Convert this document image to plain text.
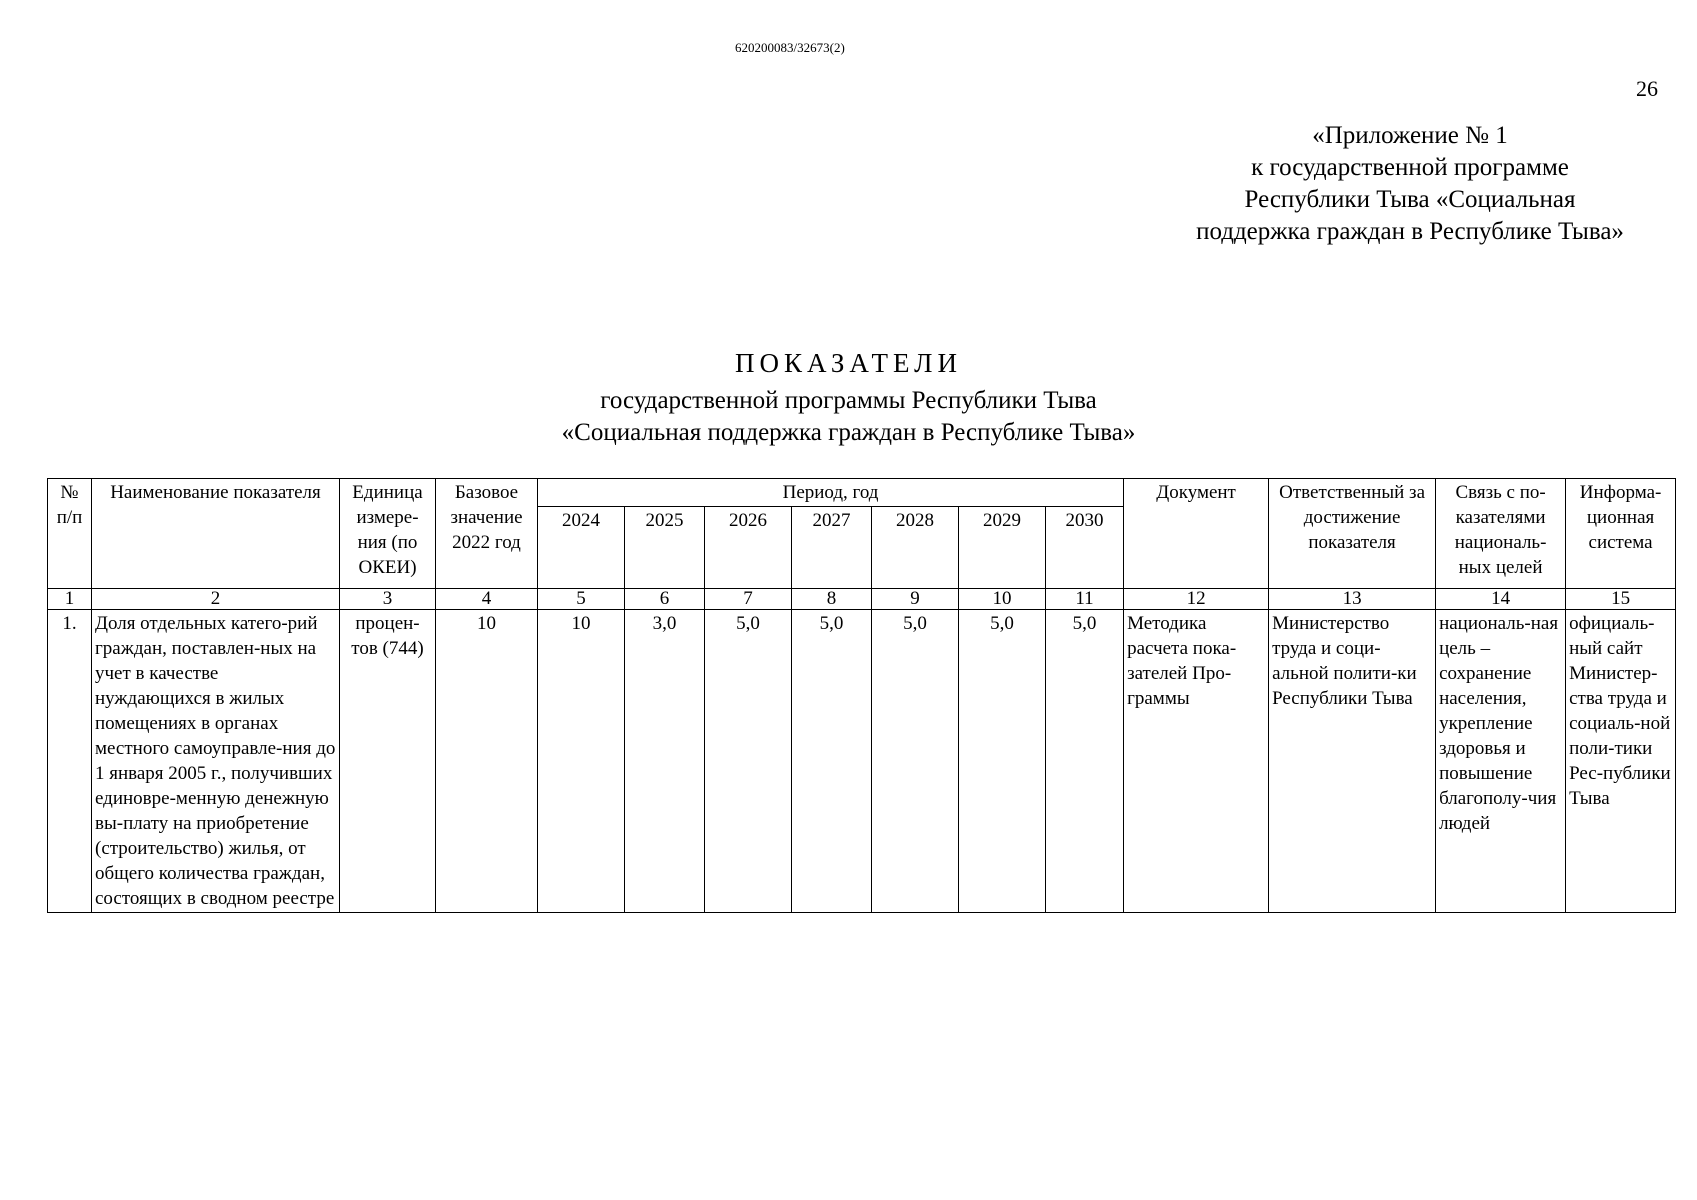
620200083/32673(2)
26
«Приложение № 1
к государственной программе
Республики Тыва «Социальная
поддержка граждан в Республике Тыва»
ПОКАЗАТЕЛИ
государственной программы Республики Тыва
«Социальная поддержка граждан в Республике Тыва»
№ п/п	Наименование показателя	Единица измере-ния (по ОКЕИ)	Базовое значение 2022 год	Период, год							Документ	Ответственный за достижение показателя	Связь с по-казателями националь-ных целей	Информа-ционная система
				2024	2025	2026	2027	2028	2029	2030				
1	2	3	4	5	6	7	8	9	10	11	12	13	14	15
1.	Доля отдельных катего-рий граждан, поставлен-ных на учет в качестве нуждающихся в жилых помещениях в органах местного самоуправле-ния до 1 января 2005 г., получивших единовре-менную денежную вы-плату на приобретение (строительство) жилья, от общего количества граждан, состоящих в сводном реестре	процен-тов (744)	10	10	3,0	5,0	5,0	5,0	5,0	5,0	Методика расчета пока-зателей Про-граммы	Министерство труда и соци-альной полити-ки Республики Тыва	националь-ная цель – сохранение населения, укрепление здоровья и повышение благополу-чия людей	официаль-ный сайт Министер-ства труда и социаль-ной поли-тики Рес-публики Тыва
